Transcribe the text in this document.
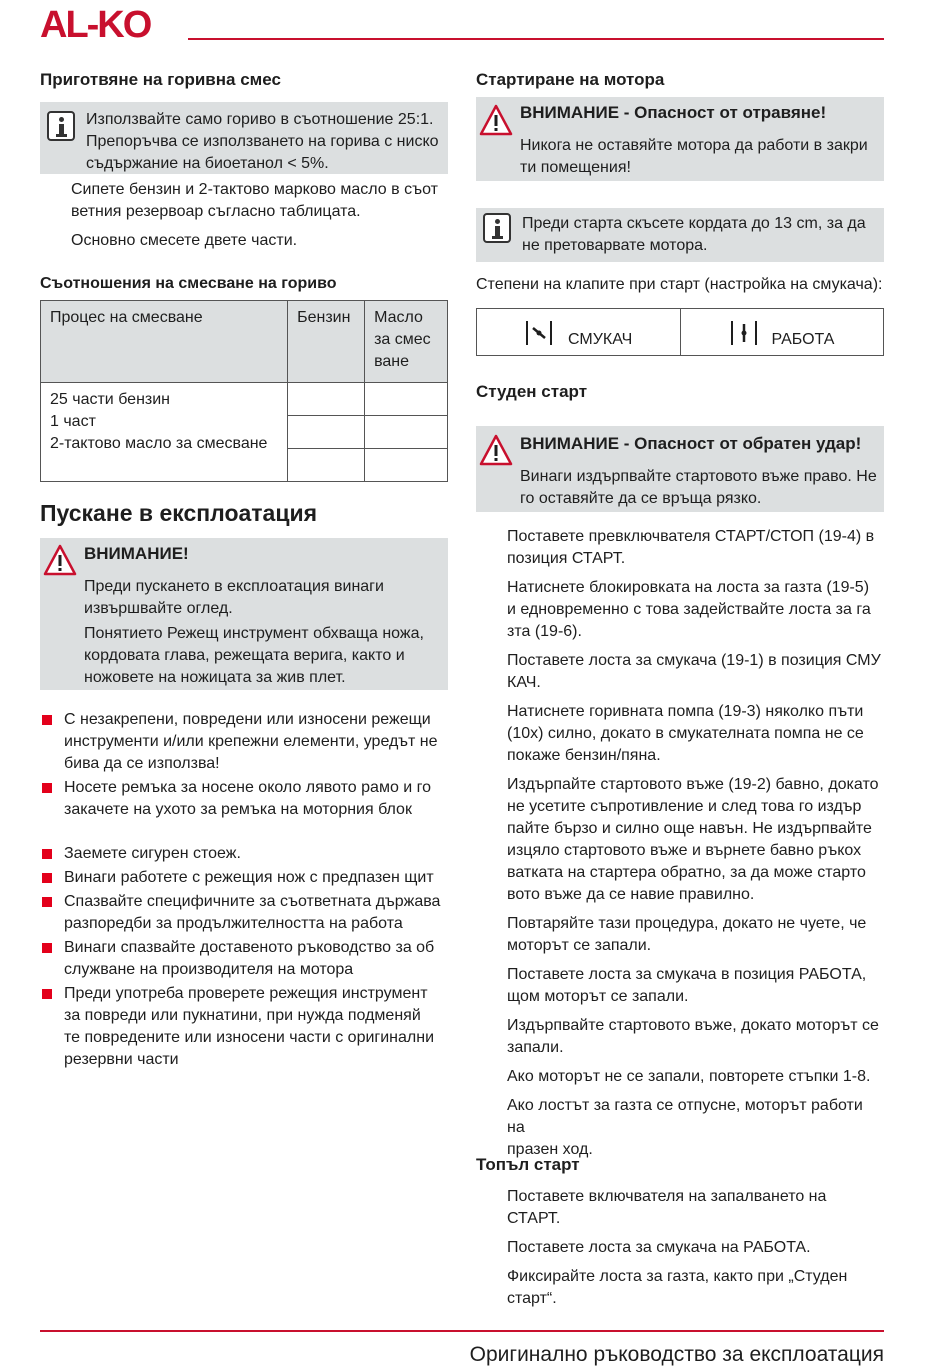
AL-KO
Приготвяне на горивна смес
Използвайте само гориво в съотношение 25:1.
Препоръчва се използването на горива с ниско
съдържание на биоетанол < 5%.
Сипете бензин и 2-тактово марково масло в съот
ветния резервоар съгласно таблицата.
Основно смесете двете части.
Съотношения на смесване на гориво
Процес на смесване	Бензин	Масло
за смес
ване

25 части бензин
1 част
2-тактово масло за смесване		

Пускане в експлоатация
ВНИМАНИЕ!
Преди пускането в експлоатация винаги
извършвайте оглед.
Понятието Режещ инструмент обхваща ножа,
кордовата глава, режещата верига, както и
ножовете на ножицата за жив плет.
С незакрепени, повредени или износени режещи
инструменти и/или крепежни елементи, уредът не
бива да се използва!
Носете ремъка за носене около лявото рамо и го
закачете на ухото за ремъка на моторния блок
Заемете сигурен стоеж.
Винаги работете с режещия нож с предпазен щит
Спазвайте специфичните за съответната държава
разпоредби за продължителността на работа
Винаги спазвайте доставеното ръководство за об
служване на производителя на мотора
Преди употреба проверете режещия инструмент
за повреди или пукнатини, при нужда подменяй
те повредените или износени части с оригинални
резервни части
Стартиране на мотора
ВНИМАНИЕ - Опасност от отравяне!
Никога не оставяйте мотора да работи в закри
ти помещения!
Преди старта скъсете кордата до 13 cm, за да
не претоварвате мотора.
Степени на клапите при старт (настройка на смукача):
СМУКАЧ	РАБОТА
Студен старт
ВНИМАНИЕ - Опасност от обратен удар!
Винаги издърпвайте стартовото въже право. Не
го оставяйте да се връща рязко.
Поставете превключвателя СТАРТ/СТОП (19-4) в
позиция СТАРТ.
Натиснете блокировката на лоста за газта (19-5)
и едновременно с това задействайте лоста за га
зта (19-6).
Поставете лоста за смукача (19-1) в позиция СМУ
КАЧ.
Натиснете горивната помпа (19-3) няколко пъти
(10x) силно, докато в смукателната помпа не се
покаже бензин/пяна.
Издърпайте стартовото въже (19-2) бавно, докато
не усетите съпротивление и след това го издър
пайте бързо и силно още навън. Не издърпвайте
изцяло стартовото въже и върнете бавно ръкох
ватката на стартера обратно, за да може старто
вото въже да се навие правилно.
Повтаряйте тази процедура, докато не чуете, че
моторът се запали.
Поставете лоста за смукача в позиция РАБОТА,
щом моторът се запали.
Издърпвайте стартовото въже, докато моторът се
запали.
Ако моторът не се запали, повторете стъпки 1-8.
Ако лостът за газта се отпусне, моторът работи на
празен ход.
Топъл старт
Поставете включвателя на запалването на СТАРТ.
Поставете лоста за смукача на РАБОТА.
Фиксирайте лоста за газта, както при „Студен
старт“.
Оригинално ръководство за експлоатация
